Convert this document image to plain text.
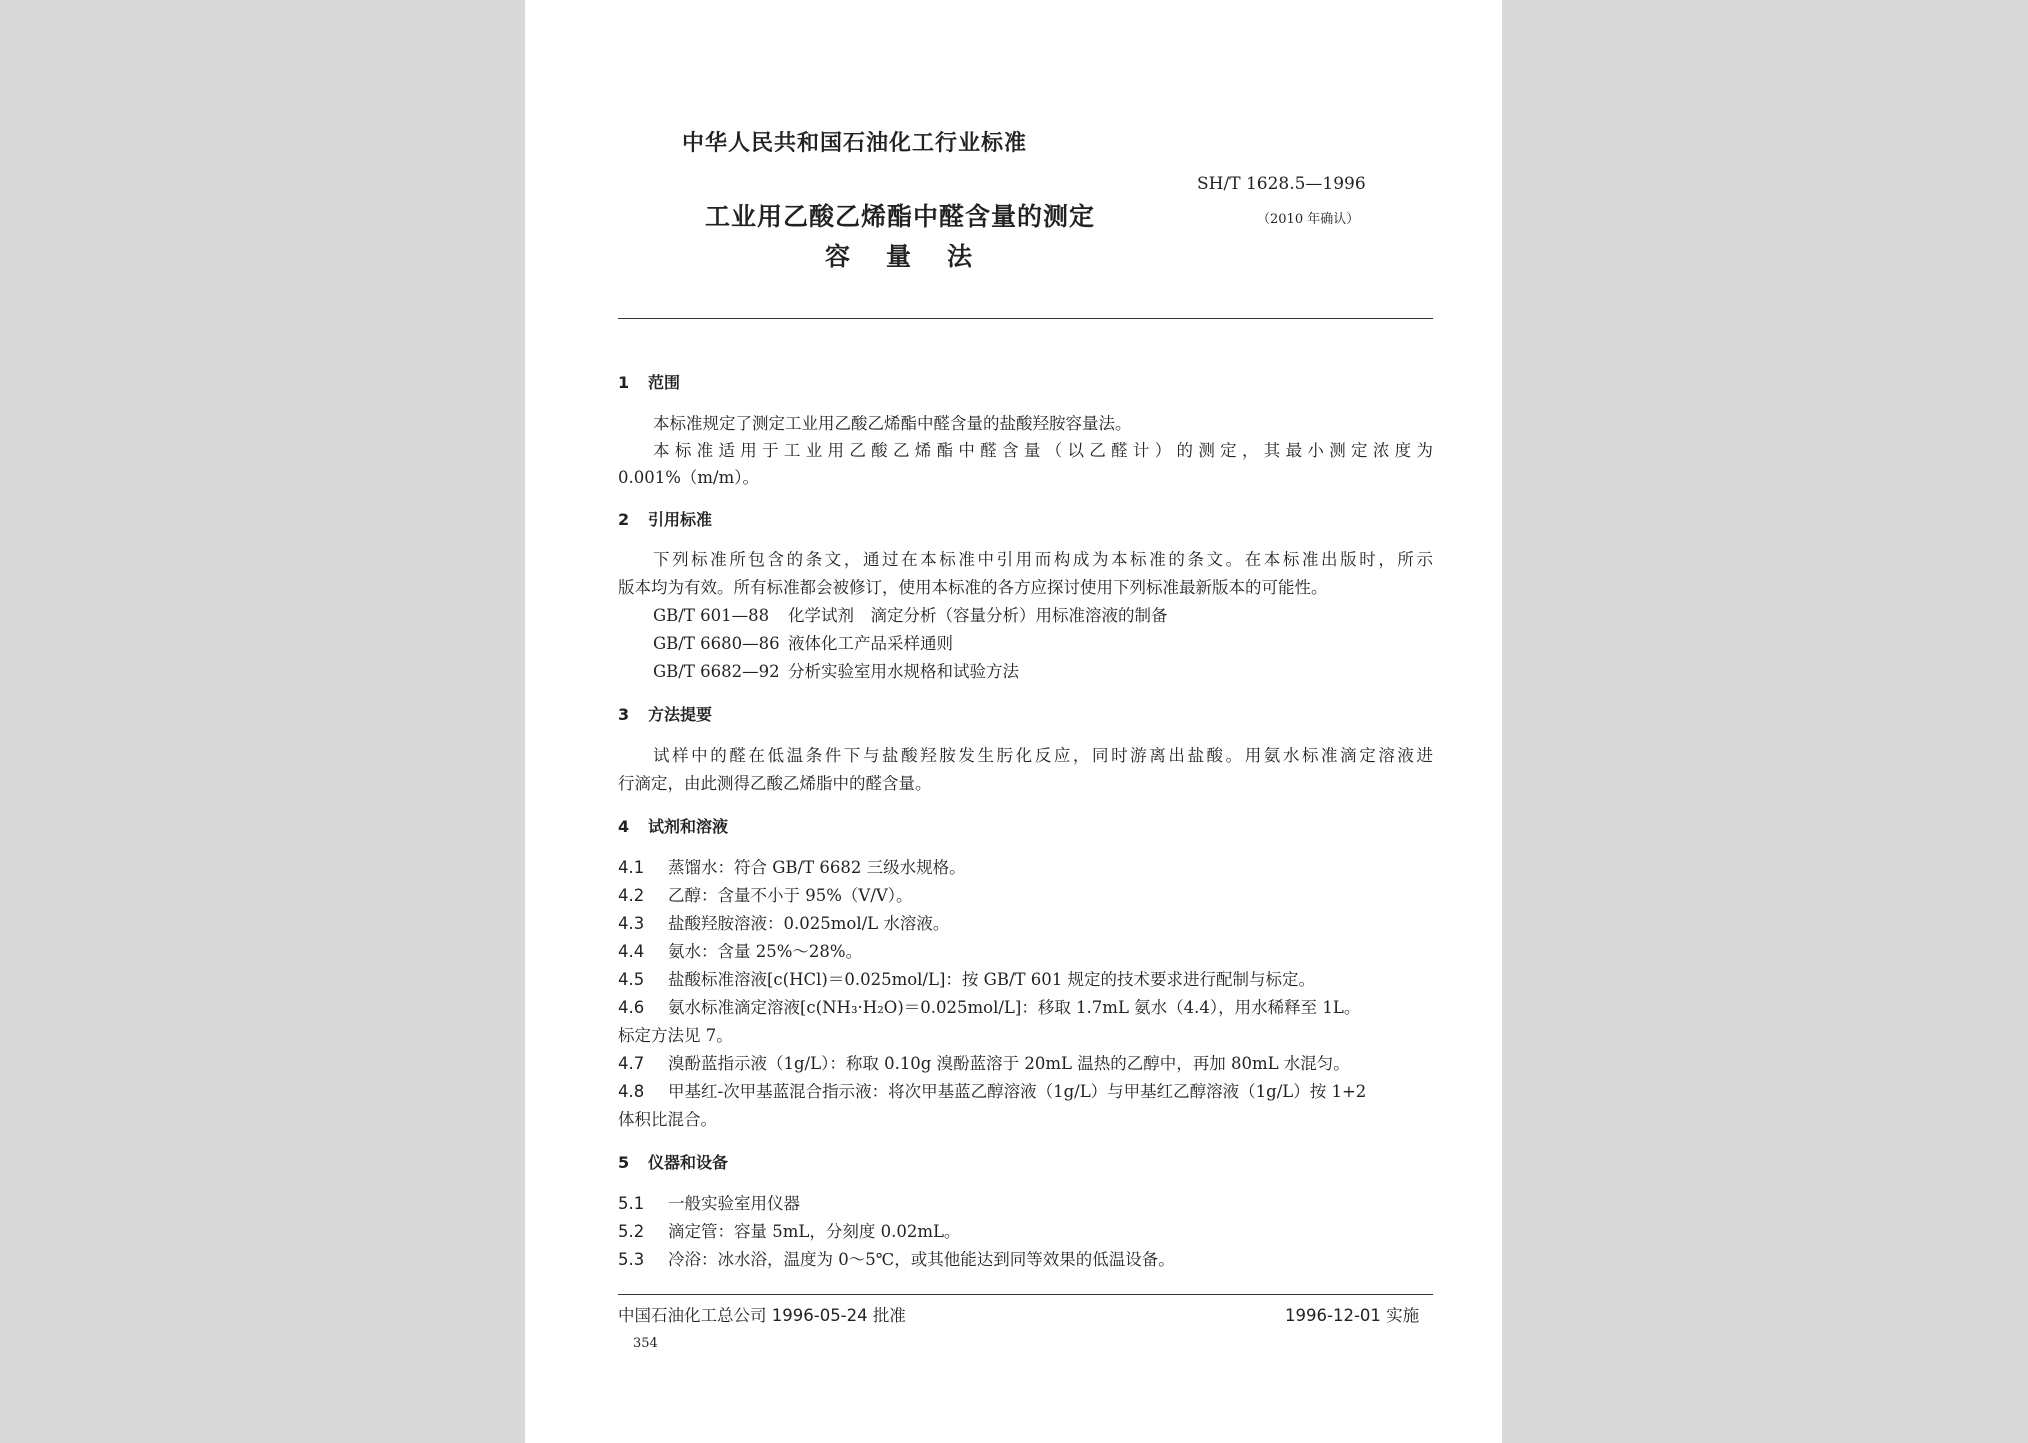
中华人民共和国石油化工行业标准
SH/T 1628.5—1996
（2010 年确认）
工业用乙酸乙烯酯中醛含量的测定
容量法
1 范围
本标准规定了测定工业用乙酸乙烯酯中醛含量的盐酸羟胺容量法。
本标准适用于工业用乙酸乙烯酯中醛含量（以乙醛计）的测定，其最小测定浓度为
0.001%（m/m）。
2 引用标准
下列标准所包含的条文，通过在本标准中引用而构成为本标准的条文。在本标准出版时，所示
版本均为有效。所有标准都会被修订，使用本标准的各方应探讨使用下列标准最新版本的可能性。
GB/T 601—88 化学试剂　滴定分析（容量分析）用标准溶液的制备
GB/T 6680—86 液体化工产品采样通则
GB/T 6682—92 分析实验室用水规格和试验方法
3 方法提要
试样中的醛在低温条件下与盐酸羟胺发生肟化反应，同时游离出盐酸。用氨水标准滴定溶液进
行滴定，由此测得乙酸乙烯脂中的醛含量。
4 试剂和溶液
4.1 蒸馏水：符合 GB/T 6682 三级水规格。
4.2 乙醇：含量不小于 95%（V/V）。
4.3 盐酸羟胺溶液：0.025mol/L 水溶液。
4.4 氨水：含量 25%～28%。
4.5 盐酸标准溶液[c(HCl)＝0.025mol/L]：按 GB/T 601 规定的技术要求进行配制与标定。
4.6 氨水标准滴定溶液[c(NH₃·H₂O)＝0.025mol/L]：移取 1.7mL 氨水（4.4），用水稀释至 1L。
标定方法见 7。
4.7 溴酚蓝指示液（1g/L）：称取 0.10g 溴酚蓝溶于 20mL 温热的乙醇中，再加 80mL 水混匀。
4.8 甲基红-次甲基蓝混合指示液：将次甲基蓝乙醇溶液（1g/L）与甲基红乙醇溶液（1g/L）按 1+2
体积比混合。
5 仪器和设备
5.1 一般实验室用仪器
5.2 滴定管：容量 5mL，分刻度 0.02mL。
5.3 冷浴：冰水浴，温度为 0～5℃，或其他能达到同等效果的低温设备。
中国石油化工总公司 1996-05-24 批准	1996-12-01 实施
354
